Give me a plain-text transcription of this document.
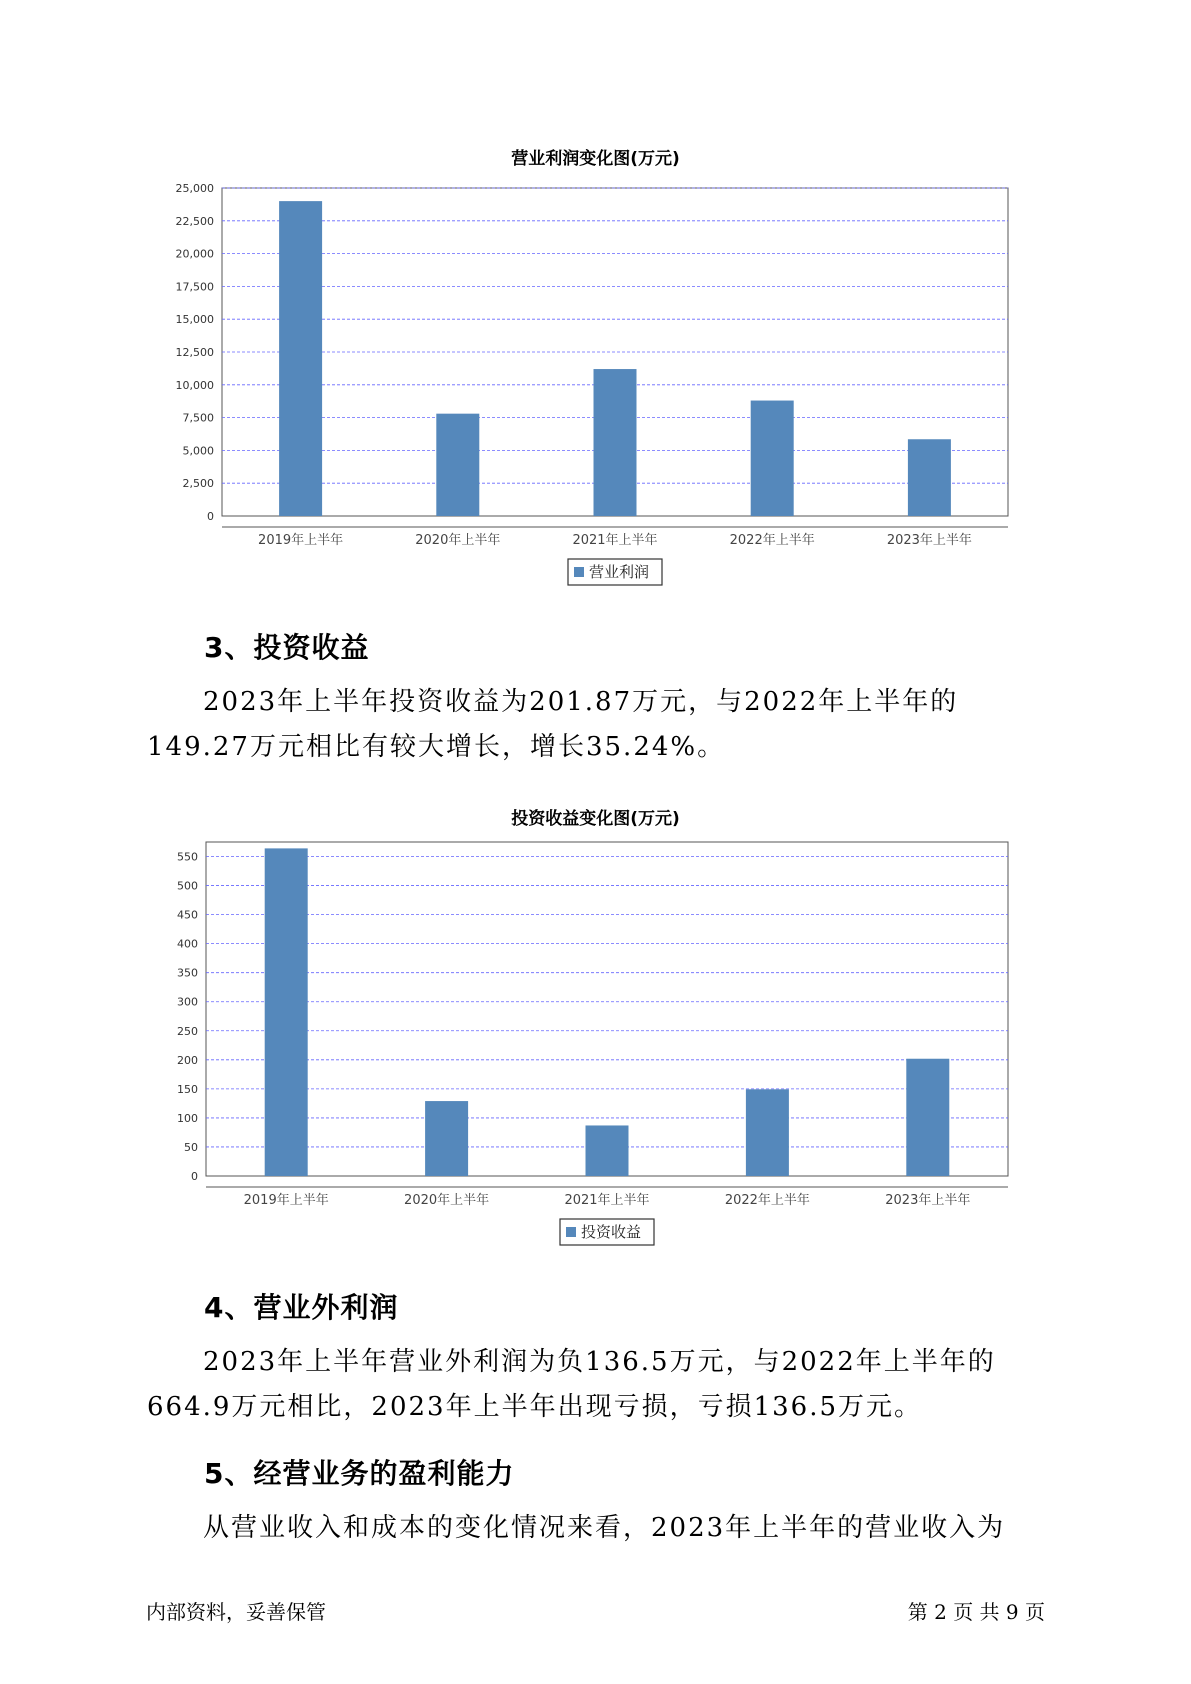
营业利润变化图(万元)
0
2,500
5,000
7,500
10,000
12,500
15,000
17,500
20,000
22,500
25,000
2019年上半年	2020年上半年	2021年上半年	2022年上半年	2023年上半年
营业利润
3、投资收益
2023年上半年投资收益为201.87万元，与2022年上半年的149.27万元相比有较大增长，增长35.24%。
投资收益变化图(万元)
0
50
100
150
200
250
300
350
400
450
500
550
2019年上半年	2020年上半年	2021年上半年	2022年上半年	2023年上半年
投资收益
4、营业外利润
2023年上半年营业外利润为负136.5万元，与2022年上半年的664.9万元相比，2023年上半年出现亏损，亏损136.5万元。
5、经营业务的盈利能力
从营业收入和成本的变化情况来看，2023年上半年的营业收入为
内部资料，妥善保管	第 2 页 共 9 页
